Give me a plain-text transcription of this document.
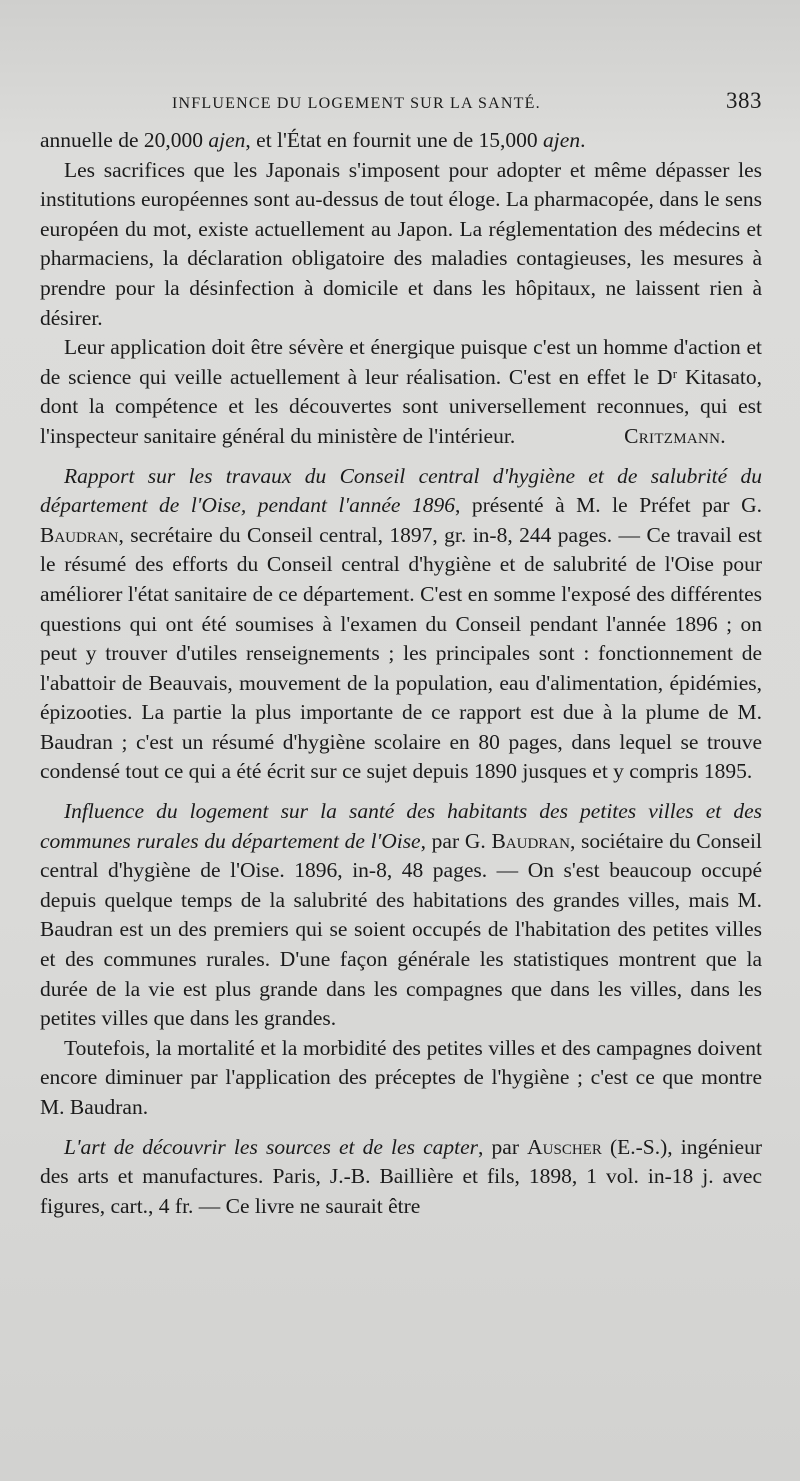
INFLUENCE DU LOGEMENT SUR LA SANTÉ.	383

annuelle de 20,000 ajen, et l'État en fournit une de 15,000 ajen.

Les sacrifices que les Japonais s'imposent pour adopter et même dépasser les institutions européennes sont au-dessus de tout éloge. La pharmacopée, dans le sens européen du mot, existe actuellement au Japon. La réglementation des médecins et pharmaciens, la déclaration obligatoire des maladies contagieuses, les mesures à prendre pour la désinfection à domicile et dans les hôpitaux, ne laissent rien à désirer.

Leur application doit être sévère et énergique puisque c'est un homme d'action et de science qui veille actuellement à leur réalisation. C'est en effet le Dʳ Kitasato, dont la compétence et les découvertes sont universellement reconnues, qui est l'inspecteur sanitaire général du ministère de l'intérieur.	Critzmann.

Rapport sur les travaux du Conseil central d'hygiène et de salubrité du département de l'Oise, pendant l'année 1896, présenté à M. le Préfet par G. Baudran, secrétaire du Conseil central, 1897, gr. in-8, 244 pages. — Ce travail est le résumé des efforts du Conseil central d'hygiène et de salubrité de l'Oise pour améliorer l'état sanitaire de ce département. C'est en somme l'exposé des différentes questions qui ont été soumises à l'examen du Conseil pendant l'année 1896 ; on peut y trouver d'utiles renseignements ; les principales sont : fonctionnement de l'abattoir de Beauvais, mouvement de la population, eau d'alimentation, épidémies, épizooties. La partie la plus importante de ce rapport est due à la plume de M. Baudran ; c'est un résumé d'hygiène scolaire en 80 pages, dans lequel se trouve condensé tout ce qui a été écrit sur ce sujet depuis 1890 jusques et y compris 1895.

Influence du logement sur la santé des habitants des petites villes et des communes rurales du département de l'Oise, par G. Baudran, sociétaire du Conseil central d'hygiène de l'Oise. 1896, in-8, 48 pages. — On s'est beaucoup occupé depuis quelque temps de la salubrité des habitations des grandes villes, mais M. Baudran est un des premiers qui se soient occupés de l'habitation des petites villes et des communes rurales. D'une façon générale les statistiques montrent que la durée de la vie est plus grande dans les compagnes que dans les villes, dans les petites villes que dans les grandes.

Toutefois, la mortalité et la morbidité des petites villes et des campagnes doivent encore diminuer par l'application des préceptes de l'hygiène ; c'est ce que montre M. Baudran.

L'art de découvrir les sources et de les capter, par Auscher (E.-S.), ingénieur des arts et manufactures. Paris, J.-B. Baillière et fils, 1898, 1 vol. in-18 j. avec figures, cart., 4 fr. — Ce livre ne saurait être
